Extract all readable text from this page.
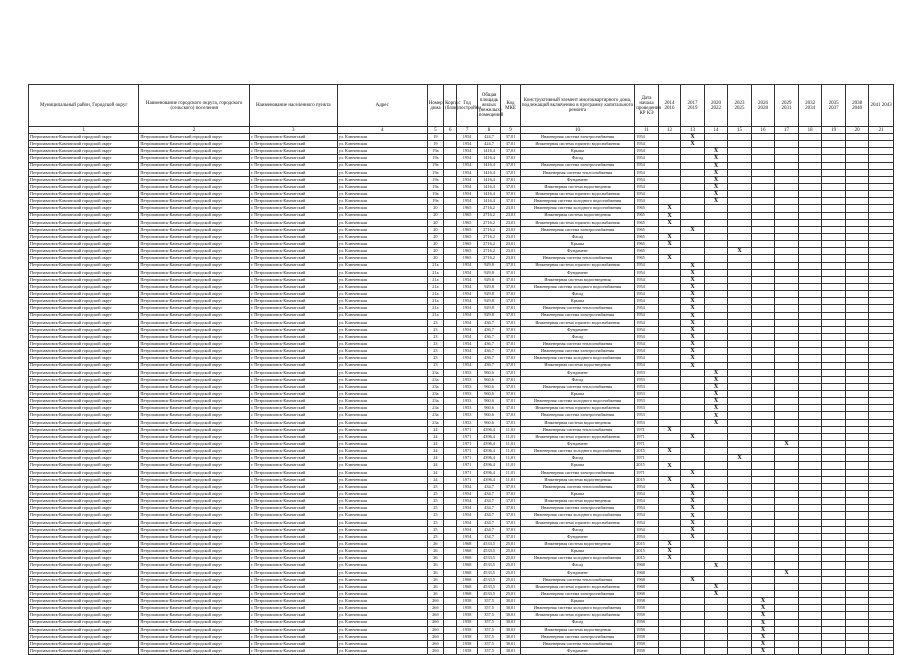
Муниципальный район, Городской округ	Наименование городского округа, городского (сельского) поселения	Наименование населенного пункта	Адрес	Номер дома	Корпус (блок)	Год постройки	Общая площадь жилых (нежилых) помещений	Код МКЕ	Конструктивный элемент многоквартирного дома, подлежащий включению в программу капитального ремонта	Дата начала проведения КР КЭ	2014 2016	2017 2019	2020 2022	2023 2025	2026 2028	2029 2031	2032 2034	2035 2037	2038 2040	2041 2043
1	2	3	4	5	6	7	8	9	10	11	12	13	14	15	16	17	18	19	20	21
Петропавловск-Камчатский городской округ	Петропавловск-Камчатский городской округ	г. Петропавловск-Камчатский	ул. Ключевская	19		1954	424,7	37,01	Инженерная система электроснабжения	1954		X								
Петропавловск-Камчатский городской округ	Петропавловск-Камчатский городской округ	г. Петропавловск-Камчатский	ул. Ключевская	19		1954	424,7	37,01	Инженерная система горячего водоснабжения	1954		X								
Петропавловск-Камчатский городской округ	Петропавловск-Камчатский городской округ	г. Петропавловск-Камчатский	ул. Ключевская	19а		1954	1416,4	37,01	Крыша	1954			X							
Петропавловск-Камчатский городской округ	Петропавловск-Камчатский городской округ	г. Петропавловск-Камчатский	ул. Ключевская	19а		1954	1416,4	37,01	Фасад	1954			X							
Петропавловск-Камчатский городской округ	Петропавловск-Камчатский городской округ	г. Петропавловск-Камчатский	ул. Ключевская	19а		1954	1416,4	37,01	Инженерная система электроснабжения	1954			X							
Петропавловск-Камчатский городской округ	Петропавловск-Камчатский городской округ	г. Петропавловск-Камчатский	ул. Ключевская	19а		1954	1416,4	37,01	Инженерная система теплоснабжения	1954			X							
Петропавловск-Камчатский городской округ	Петропавловск-Камчатский городской округ	г. Петропавловск-Камчатский	ул. Ключевская	19а		1954	1416,4	37,01	Фундамент	1954			X							
Петропавловск-Камчатский городской округ	Петропавловск-Камчатский городской округ	г. Петропавловск-Камчатский	ул. Ключевская	19а		1954	1416,4	37,01	Инженерная система водоотведения	1954			X							
Петропавловск-Камчатский городской округ	Петропавловск-Камчатский городской округ	г. Петропавловск-Камчатский	ул. Ключевская	19а		1954	1416,4	37,01	Инженерная система горячего водоснабжения	1954			X							
Петропавловск-Камчатский городской округ	Петропавловск-Камчатский городской округ	г. Петропавловск-Камчатский	ул. Ключевская	19а		1954	1416,4	37,01	Инженерная система холодного водоснабжения	1954			X							
Петропавловск-Камчатский городской округ	Петропавловск-Камчатский городской округ	г. Петропавловск-Камчатский	ул. Ключевская	20		1965	2716,2	23,01	Инженерная система холодного водоснабжения	1965	X									
Петропавловск-Камчатский городской округ	Петропавловск-Камчатский городской округ	г. Петропавловск-Камчатский	ул. Ключевская	20		1965	2716,2	23,01	Инженерная система водоотведения	1965	X									
Петропавловск-Камчатский городской округ	Петропавловск-Камчатский городской округ	г. Петропавловск-Камчатский	ул. Ключевская	20		1965	2716,2	23,01	Инженерная система горячего водоснабжения	1965	X									
Петропавловск-Камчатский городской округ	Петропавловск-Камчатский городской округ	г. Петропавловск-Камчатский	ул. Ключевская	20		1965	2716,2	23,01	Инженерная система электроснабжения	1965		X								
Петропавловск-Камчатский городской округ	Петропавловск-Камчатский городской округ	г. Петропавловск-Камчатский	ул. Ключевская	20		1965	2716,2	23,01	Фасад	1965	X									
Петропавловск-Камчатский городской округ	Петропавловск-Камчатский городской округ	г. Петропавловск-Камчатский	ул. Ключевская	20		1965	2716,2	23,01	Крыша	1965	X									
Петропавловск-Камчатский городской округ	Петропавловск-Камчатский городской округ	г. Петропавловск-Камчатский	ул. Ключевская	20		1965	2716,2	23,01	Фундамент	1965				X						
Петропавловск-Камчатский городской округ	Петропавловск-Камчатский городской округ	г. Петропавловск-Камчатский	ул. Ключевская	20		1965	2716,2	23,01	Инженерная система теплоснабжения	1965	X									
Петропавловск-Камчатский городской округ	Петропавловск-Камчатский городской округ	г. Петропавловск-Камчатский	ул. Ключевская	21а		1954	929,8	37,01	Инженерная система горячего водоснабжения	1954		X								
Петропавловск-Камчатский городской округ	Петропавловск-Камчатский городской округ	г. Петропавловск-Камчатский	ул. Ключевская	21а		1954	929,8	37,01	Фундамент	1954		X								
Петропавловск-Камчатский городской округ	Петропавловск-Камчатский городской округ	г. Петропавловск-Камчатский	ул. Ключевская	21а		1954	929,8	37,01	Инженерная система водоотведения	1954		X								
Петропавловск-Камчатский городской округ	Петропавловск-Камчатский городской округ	г. Петропавловск-Камчатский	ул. Ключевская	21а		1954	929,8	37,01	Инженерная система холодного водоснабжения	1954		X								
Петропавловск-Камчатский городской округ	Петропавловск-Камчатский городской округ	г. Петропавловск-Камчатский	ул. Ключевская	21а		1954	929,8	37,01	Фасад	1954		X								
Петропавловск-Камчатский городской округ	Петропавловск-Камчатский городской округ	г. Петропавловск-Камчатский	ул. Ключевская	21а		1954	929,8	37,01	Крыша	1954		X								
Петропавловск-Камчатский городской округ	Петропавловск-Камчатский городской округ	г. Петропавловск-Камчатский	ул. Ключевская	21а		1954	929,8	37,01	Инженерная система теплоснабжения	1954		X								
Петропавловск-Камчатский городской округ	Петропавловск-Камчатский городской округ	г. Петропавловск-Камчатский	ул. Ключевская	21а		1954	929,8	37,01	Инженерная система электроснабжения	1954		X								
Петропавловск-Камчатский городской округ	Петропавловск-Камчатский городской округ	г. Петропавловск-Камчатский	ул. Ключевская	23		1954	436,7	37,01	Инженерная система горячего водоснабжения	1954		X								
Петропавловск-Камчатский городской округ	Петропавловск-Камчатский городской округ	г. Петропавловск-Камчатский	ул. Ключевская	23		1954	436,7	37,01	Фундамент	1954		X								
Петропавловск-Камчатский городской округ	Петропавловск-Камчатский городской округ	г. Петропавловск-Камчатский	ул. Ключевская	23		1954	436,7	37,01	Фасад	1954		X								
Петропавловск-Камчатский городской округ	Петропавловск-Камчатский городской округ	г. Петропавловск-Камчатский	ул. Ключевская	23		1954	436,7	37,01	Инженерная система теплоснабжения	1954		X								
Петропавловск-Камчатский городской округ	Петропавловск-Камчатский городской округ	г. Петропавловск-Камчатский	ул. Ключевская	23		1954	436,7	37,01	Инженерная система электроснабжения	1954		X								
Петропавловск-Камчатский городской округ	Петропавловск-Камчатский городской округ	г. Петропавловск-Камчатский	ул. Ключевская	23		1954	436,7	37,01	Инженерная система холодного водоснабжения	1954		X								
Петропавловск-Камчатский городской округ	Петропавловск-Камчатский городской округ	г. Петропавловск-Камчатский	ул. Ключевская	23		1954	436,7	37,01	Инженерная система водоотведения	1954		X								
Петропавловск-Камчатский городской округ	Петропавловск-Камчатский городской округ	г. Петропавловск-Камчатский	ул. Ключевская	23а		1953	960,6	37,01	Фундамент	1953			X							
Петропавловск-Камчатский городской округ	Петропавловск-Камчатский городской округ	г. Петропавловск-Камчатский	ул. Ключевская	23а		1953	960,6	37,01	Фасад	1953			X							
Петропавловск-Камчатский городской округ	Петропавловск-Камчатский городской округ	г. Петропавловск-Камчатский	ул. Ключевская	23а		1953	960,6	37,01	Инженерная система теплоснабжения	1953			X							
Петропавловск-Камчатский городской округ	Петропавловск-Камчатский городской округ	г. Петропавловск-Камчатский	ул. Ключевская	23а		1953	960,6	37,01	Крыша	1953			X							
Петропавловск-Камчатский городской округ	Петропавловск-Камчатский городской округ	г. Петропавловск-Камчатский	ул. Ключевская	23а		1953	960,6	37,01	Инженерная система холодного водоснабжения	1953			X							
Петропавловск-Камчатский городской округ	Петропавловск-Камчатский городской округ	г. Петропавловск-Камчатский	ул. Ключевская	23а		1953	960,6	37,01	Инженерная система горячего водоснабжения	1953			X							
Петропавловск-Камчатский городской округ	Петропавловск-Камчатский городской округ	г. Петропавловск-Камчатский	ул. Ключевская	23а		1953	960,6	37,01	Инженерная система электроснабжения	1953			X							
Петропавловск-Камчатский городской округ	Петропавловск-Камчатский городской округ	г. Петропавловск-Камчатский	ул. Ключевская	23а		1953	960,6	37,01	Инженерная система водоотведения	1953			X							
Петропавловск-Камчатский городской округ	Петропавловск-Камчатский городской округ	г. Петропавловск-Камчатский	ул. Ключевская	24		1971	4396,4	11,01	Инженерная система теплоснабжения	1971	X									
Петропавловск-Камчатский городской округ	Петропавловск-Камчатский городской округ	г. Петропавловск-Камчатский	ул. Ключевская	24		1971	4396,4	11,01	Инженерная система горячего водоснабжения	1971		X								
Петропавловск-Камчатский городской округ	Петропавловск-Камчатский городской округ	г. Петропавловск-Камчатский	ул. Ключевская	24		1971	4396,4	11,01	Фундамент	1971						X				
Петропавловск-Камчатский городской округ	Петропавловск-Камчатский городской округ	г. Петропавловск-Камчатский	ул. Ключевская	24		1971	4396,4	11,01	Инженерная система холодного водоснабжения	2015	X									
Петропавловск-Камчатский городской округ	Петропавловск-Камчатский городской округ	г. Петропавловск-Камчатский	ул. Ключевская	24		1971	4396,4	11,01	Фасад	1971				X						
Петропавловск-Камчатский городской округ	Петропавловск-Камчатский городской округ	г. Петропавловск-Камчатский	ул. Ключевская	24		1971	4396,4	11,01	Крыша	2015	X									
Петропавловск-Камчатский городской округ	Петропавловск-Камчатский городской округ	г. Петропавловск-Камчатский	ул. Ключевская	24		1971	4396,4	11,01	Инженерная система электроснабжения	1971		X								
Петропавловск-Камчатский городской округ	Петропавловск-Камчатский городской округ	г. Петропавловск-Камчатский	ул. Ключевская	24		1971	4396,4	11,01	Инженерная система водоотведения	2015	X									
Петропавловск-Камчатский городской округ	Петропавловск-Камчатский городской округ	г. Петропавловск-Камчатский	ул. Ключевская	25		1954	434,7	37,01	Инженерная система теплоснабжения	1954		X								
Петропавловск-Камчатский городской округ	Петропавловск-Камчатский городской округ	г. Петропавловск-Камчатский	ул. Ключевская	25		1954	434,7	37,01	Крыша	1954		X								
Петропавловск-Камчатский городской округ	Петропавловск-Камчатский городской округ	г. Петропавловск-Камчатский	ул. Ключевская	25		1954	434,7	37,01	Инженерная система водоотведения	1954		X								
Петропавловск-Камчатский городской округ	Петропавловск-Камчатский городской округ	г. Петропавловск-Камчатский	ул. Ключевская	25		1954	434,7	37,01	Инженерная система электроснабжения	1954		X								
Петропавловск-Камчатский городской округ	Петропавловск-Камчатский городской округ	г. Петропавловск-Камчатский	ул. Ключевская	25		1954	434,7	37,01	Инженерная система холодного водоснабжения	1954		X								
Петропавловск-Камчатский городской округ	Петропавловск-Камчатский городской округ	г. Петропавловск-Камчатский	ул. Ключевская	25		1954	434,7	37,01	Инженерная система горячего водоснабжения	1954		X								
Петропавловск-Камчатский городской округ	Петропавловск-Камчатский городской округ	г. Петропавловск-Камчатский	ул. Ключевская	25		1954	434,7	37,01	Фасад	1954		X								
Петропавловск-Камчатский городской округ	Петропавловск-Камчатский городской округ	г. Петропавловск-Камчатский	ул. Ключевская	25		1954	434,7	37,01	Фундамент	1954		X								
Петропавловск-Камчатский городской округ	Петропавловск-Камчатский городской округ	г. Петропавловск-Камчатский	ул. Ключевская	26		1968	4533,5	25,01	Инженерная система водоотведения	2015	X									
Петропавловск-Камчатский городской округ	Петропавловск-Камчатский городской округ	г. Петропавловск-Камчатский	ул. Ключевская	26		1968	4533,5	25,01	Крыша	2015	X									
Петропавловск-Камчатский городской округ	Петропавловск-Камчатский городской округ	г. Петропавловск-Камчатский	ул. Ключевская	26		1968	4533,5	25,01	Инженерная система холодного водоснабжения	2015	X									
Петропавловск-Камчатский городской округ	Петропавловск-Камчатский городской округ	г. Петропавловск-Камчатский	ул. Ключевская	26		1968	4533,5	25,01	Фасад	1968			X							
Петропавловск-Камчатский городской округ	Петропавловск-Камчатский городской округ	г. Петропавловск-Камчатский	ул. Ключевская	26		1968	4533,5	25,01	Фундамент	1968						X				
Петропавловск-Камчатский городской округ	Петропавловск-Камчатский городской округ	г. Петропавловск-Камчатский	ул. Ключевская	26		1968	4533,5	25,01	Инженерная система теплоснабжения	1968		X								
Петропавловск-Камчатский городской округ	Петропавловск-Камчатский городской округ	г. Петропавловск-Камчатский	ул. Ключевская	26		1968	4533,5	25,01	Инженерная система горячего водоснабжения	1968			X							
Петропавловск-Камчатский городской округ	Петропавловск-Камчатский городской округ	г. Петропавловск-Камчатский	ул. Ключевская	26		1968	4533,5	25,01	Инженерная система электроснабжения	1968			X							
Петропавловск-Камчатский городской округ	Петропавловск-Камчатский городской округ	г. Петропавловск-Камчатский	ул. Ключевская	26б		1958	357,5	30,01	Крыша	1958					X					
Петропавловск-Камчатский городской округ	Петропавловск-Камчатский городской округ	г. Петропавловск-Камчатский	ул. Ключевская	26б		1958	357,5	30,01	Инженерная система холодного водоснабжения	1958					X					
Петропавловск-Камчатский городской округ	Петропавловск-Камчатский городской округ	г. Петропавловск-Камчатский	ул. Ключевская	26б		1958	357,5	30,01	Инженерная система горячего водоснабжения	1958					X					
Петропавловск-Камчатский городской округ	Петропавловск-Камчатский городской округ	г. Петропавловск-Камчатский	ул. Ключевская	26б		1958	357,5	30,01	Фасад	1958					X					
Петропавловск-Камчатский городской округ	Петропавловск-Камчатский городской округ	г. Петропавловск-Камчатский	ул. Ключевская	26б		1958	357,5	30,01	Инженерная система водоотведения	1958					X					
Петропавловск-Камчатский городской округ	Петропавловск-Камчатский городской округ	г. Петропавловск-Камчатский	ул. Ключевская	26б		1958	357,5	30,01	Инженерная система электроснабжения	1958					X					
Петропавловск-Камчатский городской округ	Петропавловск-Камчатский городской округ	г. Петропавловск-Камчатский	ул. Ключевская	26б		1958	357,5	30,01	Инженерная система теплоснабжения	1958					X					
Петропавловск-Камчатский городской округ	Петропавловск-Камчатский городской округ	г. Петропавловск-Камчатский	ул. Ключевская	26б		1958	357,5	30,01	Фундамент	1958					X					
